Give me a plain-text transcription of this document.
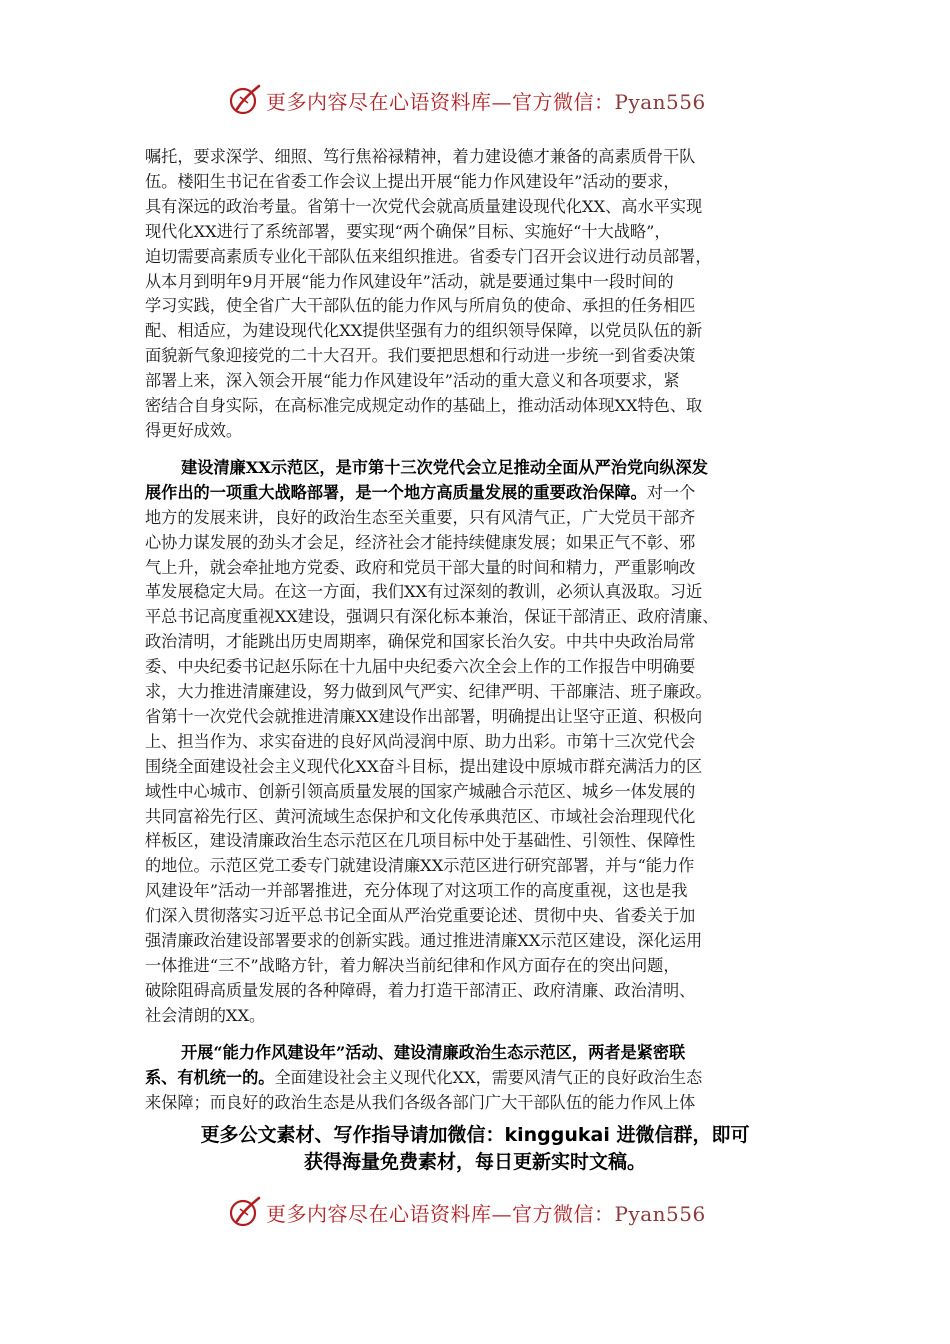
更多内容尽在心语资料库—官方微信：Pyan556
嘱托，要求深学、细照、笃行焦裕禄精神，着力建设德才兼备的高素质骨干队
伍。楼阳生书记在省委工作会议上提出开展“能力作风建设年”活动的要求，
具有深远的政治考量。省第十一次党代会就高质量建设现代化XX、高水平实现
现代化XX进行了系统部署，要实现“两个确保”目标、实施好“十大战略”，
迫切需要高素质专业化干部队伍来组织推进。省委专门召开会议进行动员部署，
从本月到明年9月开展“能力作风建设年”活动，就是要通过集中一段时间的
学习实践，使全省广大干部队伍的能力作风与所肩负的使命、承担的任务相匹
配、相适应，为建设现代化XX提供坚强有力的组织领导保障，以党员队伍的新
面貌新气象迎接党的二十大召开。我们要把思想和行动进一步统一到省委决策
部署上来，深入领会开展“能力作风建设年”活动的重大意义和各项要求，紧
密结合自身实际，在高标准完成规定动作的基础上，推动活动体现XX特色、取
得更好成效。
建设清廉XX示范区，是市第十三次党代会立足推动全面从严治党向纵深发
展作出的一项重大战略部署，是一个地方高质量发展的重要政治保障。对一个
地方的发展来讲，良好的政治生态至关重要，只有风清气正，广大党员干部齐
心协力谋发展的劲头才会足，经济社会才能持续健康发展；如果正气不彰、邪
气上升，就会牵扯地方党委、政府和党员干部大量的时间和精力，严重影响改
革发展稳定大局。在这一方面，我们XX有过深刻的教训，必须认真汲取。习近
平总书记高度重视XX建设，强调只有深化标本兼治，保证干部清正、政府清廉、
政治清明，才能跳出历史周期率，确保党和国家长治久安。中共中央政治局常
委、中央纪委书记赵乐际在十九届中央纪委六次全会上作的工作报告中明确要
求，大力推进清廉建设，努力做到风气严实、纪律严明、干部廉洁、班子廉政。
省第十一次党代会就推进清廉XX建设作出部署，明确提出让坚守正道、积极向
上、担当作为、求实奋进的良好风尚浸润中原、助力出彩。市第十三次党代会
围绕全面建设社会主义现代化XX奋斗目标，提出建设中原城市群充满活力的区
域性中心城市、创新引领高质量发展的国家产城融合示范区、城乡一体发展的
共同富裕先行区、黄河流域生态保护和文化传承典范区、市域社会治理现代化
样板区，建设清廉政治生态示范区在几项目标中处于基础性、引领性、保障性
的地位。示范区党工委专门就建设清廉XX示范区进行研究部署，并与“能力作
风建设年”活动一并部署推进，充分体现了对这项工作的高度重视，这也是我
们深入贯彻落实习近平总书记全面从严治党重要论述、贯彻中央、省委关于加
强清廉政治建设部署要求的创新实践。通过推进清廉XX示范区建设，深化运用
一体推进“三不”战略方针，着力解决当前纪律和作风方面存在的突出问题，
破除阻碍高质量发展的各种障碍，着力打造干部清正、政府清廉、政治清明、
社会清朗的XX。
开展“能力作风建设年”活动、建设清廉政治生态示范区，两者是紧密联
系、有机统一的。全面建设社会主义现代化XX，需要风清气正的良好政治生态
来保障；而良好的政治生态是从我们各级各部门广大干部队伍的能力作风上体
更多公文素材、写作指导请加微信：kinggukai 进微信群，即可
获得海量免费素材，每日更新实时文稿。
更多内容尽在心语资料库—官方微信：Pyan556
